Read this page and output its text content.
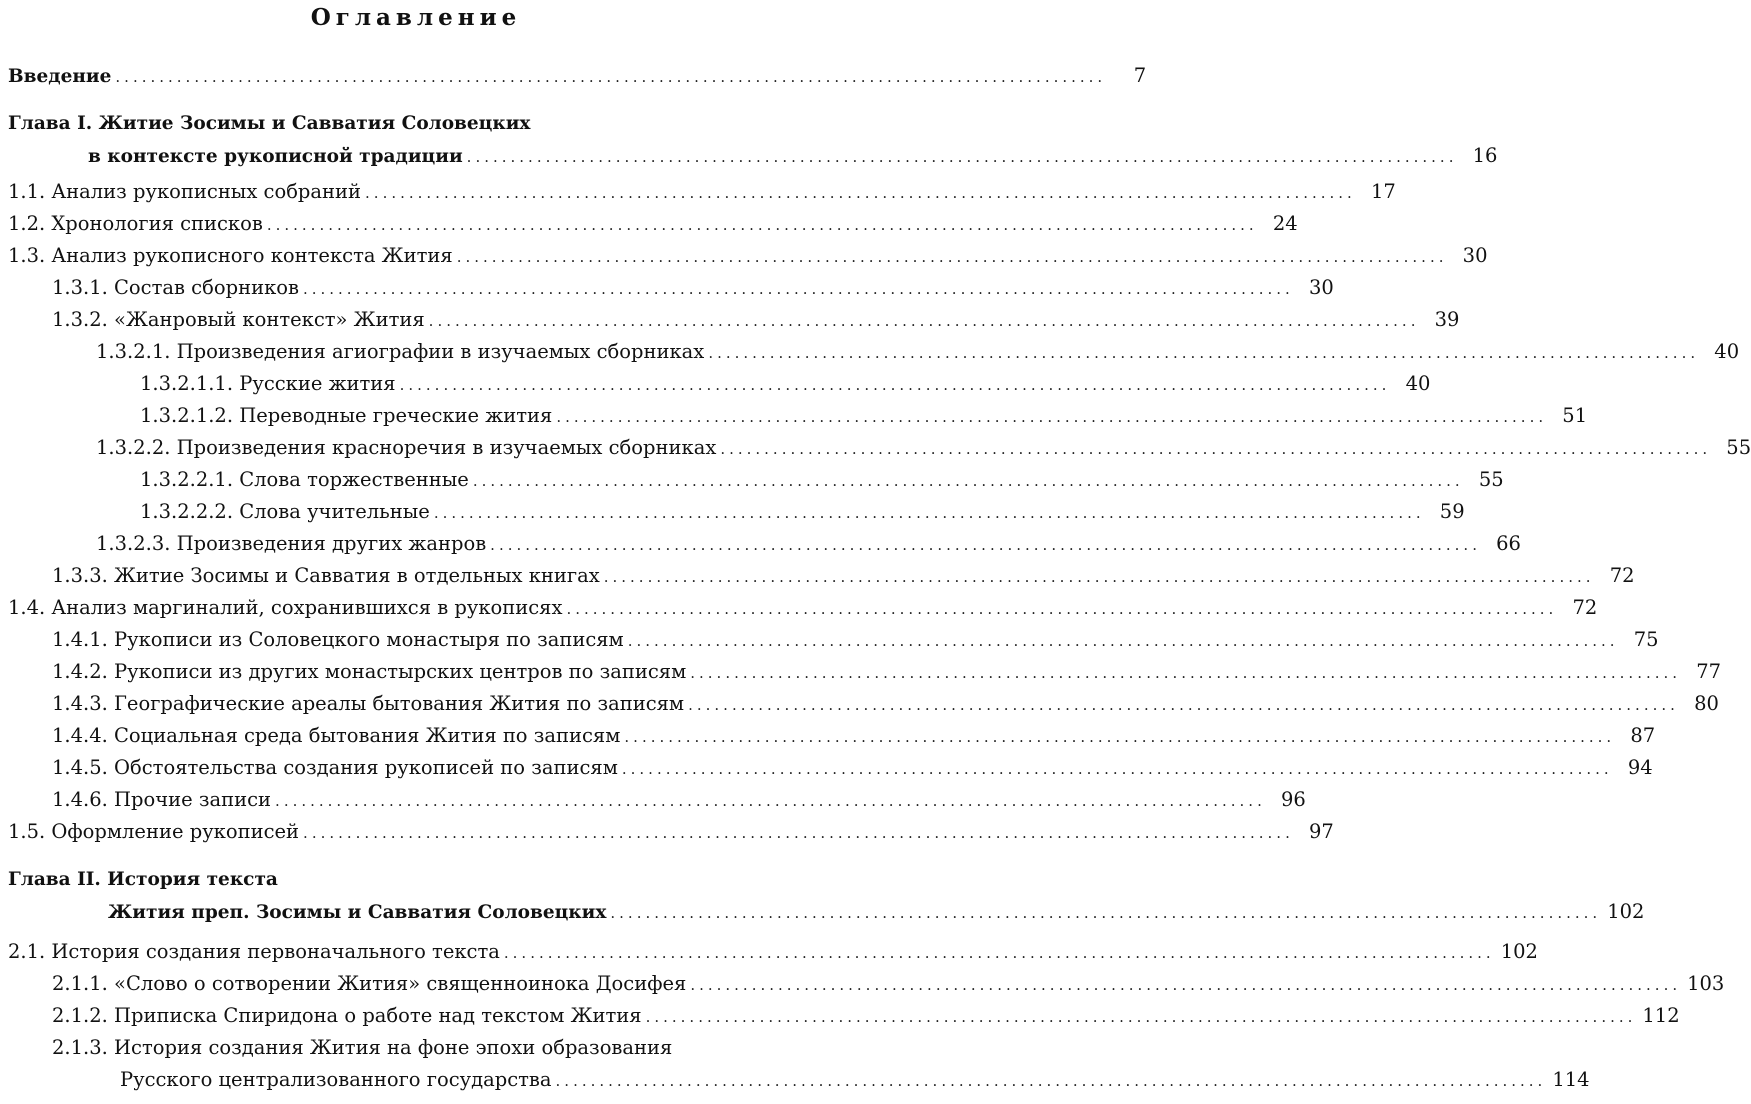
Оглавление
Введение .................................................................................................................	7
Глава I. Житие Зосимы и Савватия Соловецких
в контексте рукописной традиции ................................................................................................................. 16
1.1. Анализ рукописных собраний ................................................................................................................. 17
1.2. Хронология списков ................................................................................................................. 24
1.3. Анализ рукописного контекста Жития ................................................................................................................. 30
1.3.1. Состав сборников ................................................................................................................. 30
1.3.2. «Жанровый контекст» Жития ................................................................................................................. 39
1.3.2.1. Произведения агиографии в изучаемых сборниках ................................................................................................................. 40
1.3.2.1.1. Русские жития ................................................................................................................. 40
1.3.2.1.2. Переводные греческие жития ................................................................................................................. 51
1.3.2.2. Произведения красноречия в изучаемых сборниках ................................................................................................................. 55
1.3.2.2.1. Слова торжественные ................................................................................................................. 55
1.3.2.2.2. Слова учительные ................................................................................................................. 59
1.3.2.3. Произведения других жанров ................................................................................................................. 66
1.3.3. Житие Зосимы и Савватия в отдельных книгах ................................................................................................................. 72
1.4. Анализ маргиналий, сохранившихся в рукописях ................................................................................................................. 72
1.4.1. Рукописи из Соловецкого монастыря по записям ................................................................................................................. 75
1.4.2. Рукописи из других монастырских центров по записям ................................................................................................................. 77
1.4.3. Географические ареалы бытования Жития по записям ................................................................................................................. 80
1.4.4. Социальная среда бытования Жития по записям ................................................................................................................. 87
1.4.5. Обстоятельства создания рукописей по записям ................................................................................................................. 94
1.4.6. Прочие записи ................................................................................................................. 96
1.5. Оформление рукописей ................................................................................................................. 97
Глава II. История текста
Жития преп. Зосимы и Савватия Соловецких ................................................................................................................. 102
2.1. История создания первоначального текста ................................................................................................................. 102
2.1.1. «Слово о сотворении Жития» священноинока Досифея ................................................................................................................. 103
2.1.2. Приписка Спиридона о работе над текстом Жития ................................................................................................................. 112
2.1.3. История создания Жития на фоне эпохи образования
Русского централизованного государства ................................................................................................................. 114
